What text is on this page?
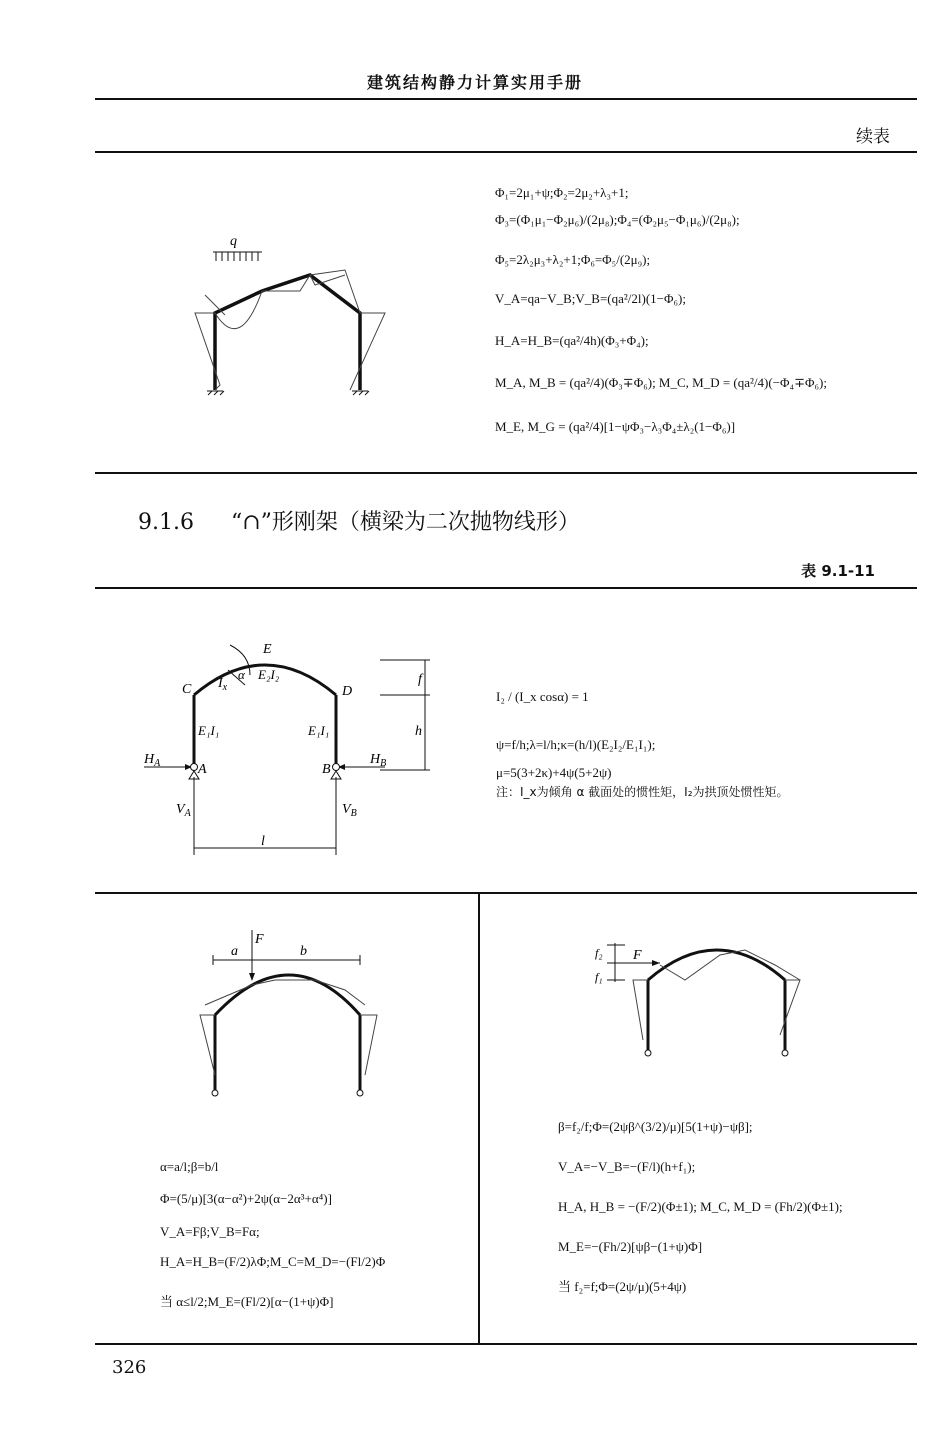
建筑结构静力计算实用手册
续表
q
Φ₁=2μ₁+ψ;Φ₂=2μ₂+λ₃+1;
Φ₃=(Φ₁μ₁−Φ₂μ₆)/(2μ₈);Φ₄=(Φ₂μ₅−Φ₁μ₆)/(2μ₈);
Φ₅=2λ₂μ₃+λ₂+1;Φ₆=Φ₅/(2μ₉);
V_A=qa−V_B;V_B=(qa²/2l)(1−Φ₆);
H_A=H_B=(qa²/4h)(Φ₃+Φ₄);
M_A, M_B = (qa²/4)(Φ₃∓Φ₆); M_C, M_D = (qa²/4)(−Φ₄∓Φ₆);
M_E, M_G = (qa²/4)[1−ψΦ₃−λ₃Φ₄±λ₂(1−Φ₆)]
9.1.6 “∩”形刚架（横梁为二次抛物线形）
表 9.1-11
E
C	D
A	B
$I_x$
α E₂I₂
E₁I₁	E₁I₁
f
h
l
$H_A$	$H_B$
$V_A$	$V_B$
I₂ / (I_x cosα) = 1
ψ=f/h;λ=l/h;κ=(h/l)(E₂I₂/E₁I₁);
μ=5(3+2κ)+4ψ(5+2ψ)
注：I_x为倾角 α 截面处的惯性矩，I₂为拱顶处惯性矩。
a
F
b	F
f₁
f₂
α=a/l;β=b/l
Φ=(5/μ)[3(α−α²)+2ψ(α−2α³+α⁴)]
V_A=Fβ;V_B=Fα;
H_A=H_B=(F/2)λΦ;M_C=M_D=−(Fl/2)Φ
当 α≤l/2;M_E=(Fl/2)[α−(1+ψ)Φ]
β=f₂/f;Φ=(2ψβ^(3/2)/μ)[5(1+ψ)−ψβ];
V_A=−V_B=−(F/l)(h+f₁);
H_A, H_B = −(F/2)(Φ±1); M_C, M_D = (Fh/2)(Φ±1);
M_E=−(Fh/2)[ψβ−(1+ψ)Φ]
当 f₂=f;Φ=(2ψ/μ)(5+4ψ)
326
